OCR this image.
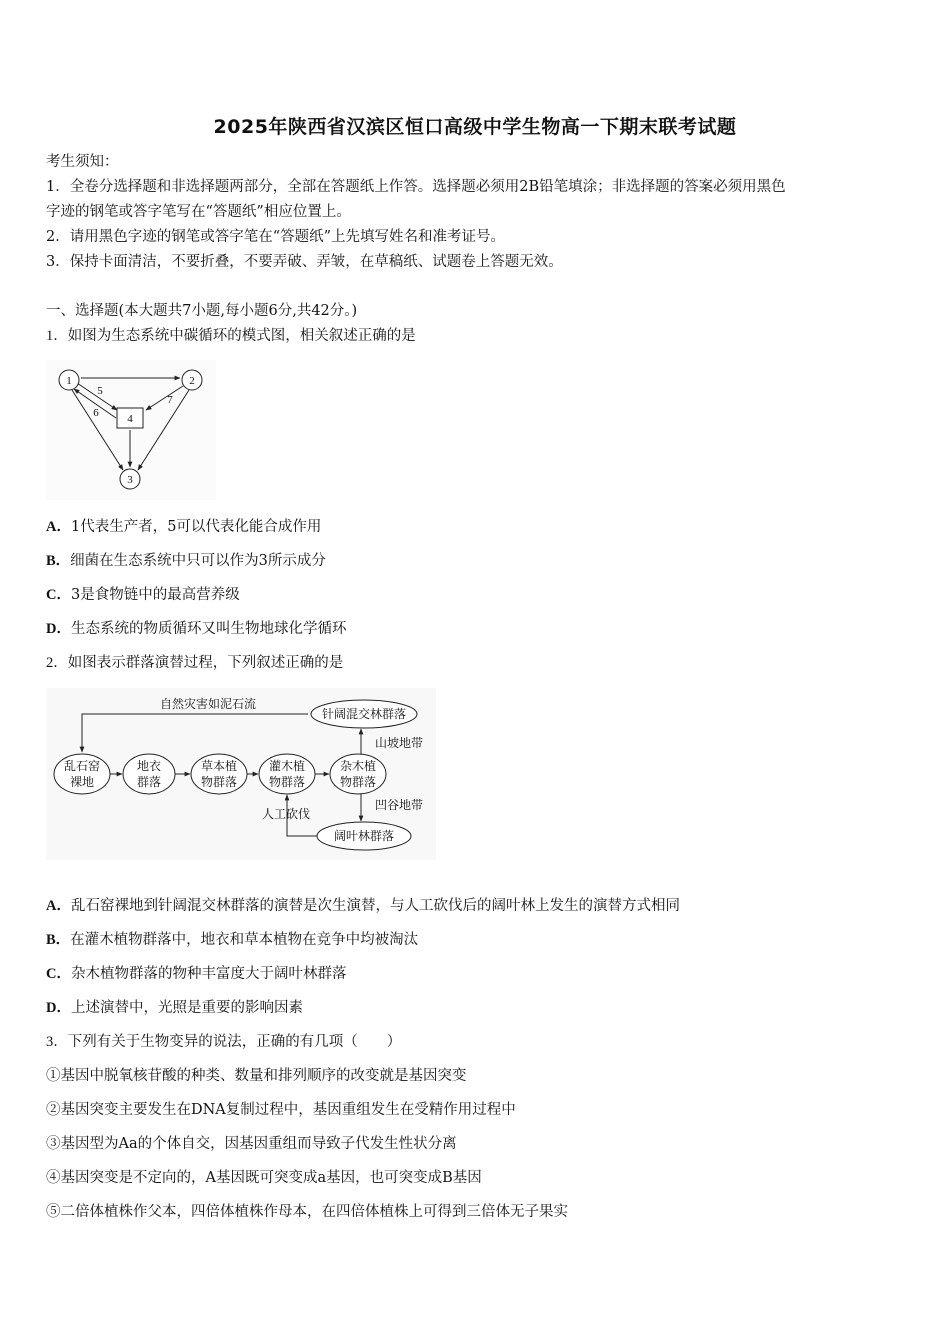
2025年陕西省汉滨区恒口高级中学生物高一下期末联考试题
考生须知：
1．全卷分选择题和非选择题两部分，全部在答题纸上作答。选择题必须用2B铅笔填涂；非选择题的答案必须用黑色
字迹的钢笔或答字笔写在“答题纸”相应位置上。
2．请用黑色字迹的钢笔或答字笔在“答题纸”上先填写姓名和准考证号。
3．保持卡面清洁，不要折叠，不要弄破、弄皱，在草稿纸、试题卷上答题无效。
一、选择题(本大题共7小题,每小题6分,共42分。)
1．如图为生态系统中碳循环的模式图，相关叙述正确的是
1	2
3
4
5
6
7
A．1代表生产者，5可以代表化能合成作用
B．细菌在生态系统中只可以作为3所示成分
C．3是食物链中的最高营养级
D．生态系统的物质循环又叫生物地球化学循环
2．如图表示群落演替过程，下列叙述正确的是
自然灾害如泥石流
乱石窑
裸地
地衣
群落
草本植
物群落
灌木植
物群落
杂木植
物群落
针阔混交林群落
阔叶林群落
山坡地带
凹谷地带
人工砍伐
A．乱石窑裸地到针阔混交林群落的演替是次生演替，与人工砍伐后的阔叶林上发生的演替方式相同
B．在灌木植物群落中，地衣和草本植物在竞争中均被淘汰
C．杂木植物群落的物种丰富度大于阔叶林群落
D．上述演替中，光照是重要的影响因素
3．下列有关于生物变异的说法，正确的有几项（　　）
①基因中脱氧核苷酸的种类、数量和排列顺序的改变就是基因突变
②基因突变主要发生在DNA复制过程中，基因重组发生在受精作用过程中
③基因型为Aa的个体自交，因基因重组而导致子代发生性状分离
④基因突变是不定向的，A基因既可突变成a基因，也可突变成B基因
⑤二倍体植株作父本，四倍体植株作母本，在四倍体植株上可得到三倍体无子果实
